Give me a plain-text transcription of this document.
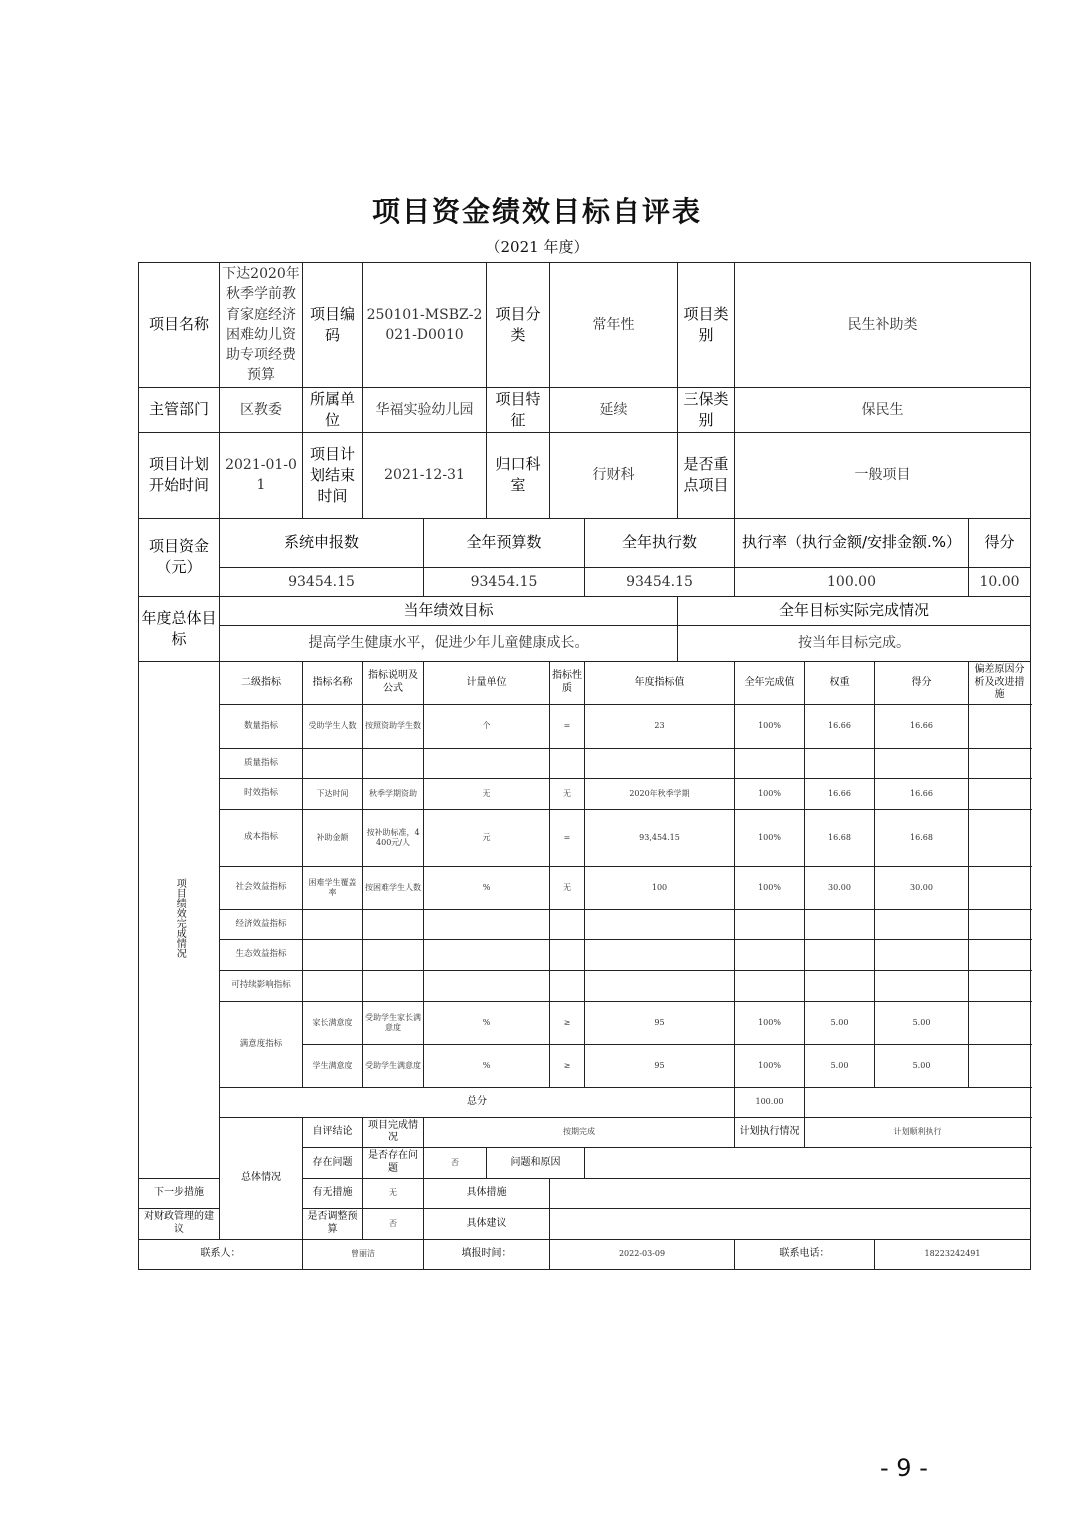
项目资金绩效目标自评表
（2021 年度）
项目名称	下达2020年秋季学前教育家庭经济困难幼儿资助专项经费预算	项目编码	250101-MSBZ-2021-D0010		项目分类	常年性		项目类别	民生补助类			
主管部门	区教委	所属单位	华福实验幼儿园		项目特征	延续		三保类别	保民生			
项目计划开始时间	2021-01-01	项目计划结束时间	2021-12-31		归口科室	行财科		是否重点项目	一般项目			
项目资金（元）	系统申报数			全年预算数			全年执行数		执行率（执行金额/安排金额.%）			得分
	93454.15			93454.15			93454.15		100.00			10.00
年度总体目标	当年绩效目标							全年目标实际完成情况				
	提高学生健康水平，促进少年儿童健康成长。							按当年目标完成。				
项目绩效完成情况	二级指标	指标名称	指标说明及公式	计量单位		指标性质	年度指标值		全年完成值	权重	得分	偏差原因分析及改进措施
	数量指标	受助学生人数	按照资助学生数	个		=	23		100%	16.66	16.66	
	质量指标											
	时效指标	下达时间	秋季学期资助	无		无	2020年秋季学期		100%	16.66	16.66	
	成本指标	补助金额	按补助标准，4400元/人	元		=	93,454.15		100%	16.68	16.68	
	社会效益指标	困难学生覆盖率	按困难学生人数	%		无	100		100%	30.00	30.00	
	经济效益指标											
	生态效益指标											
	可持续影响指标											
	满意度指标	家长满意度	受助学生家长满意度	%		≥	95		100%	5.00	5.00	
		学生满意度	受助学生满意度	%		≥	95		100%	5.00	5.00	
	总分								100.00			
	总体情况	自评结论	项目完成情况	按期完成					计划执行情况	计划顺利执行		
		存在问题	是否存在问题	否	问题和原因							
下一步措施		有无措施	无	具体措施								
对财政管理的建议		是否调整预算	否	具体建议								
联系人：		曾丽洁		填报时间：		2022-03-09			联系电话：		18223242491	
- 9 -
